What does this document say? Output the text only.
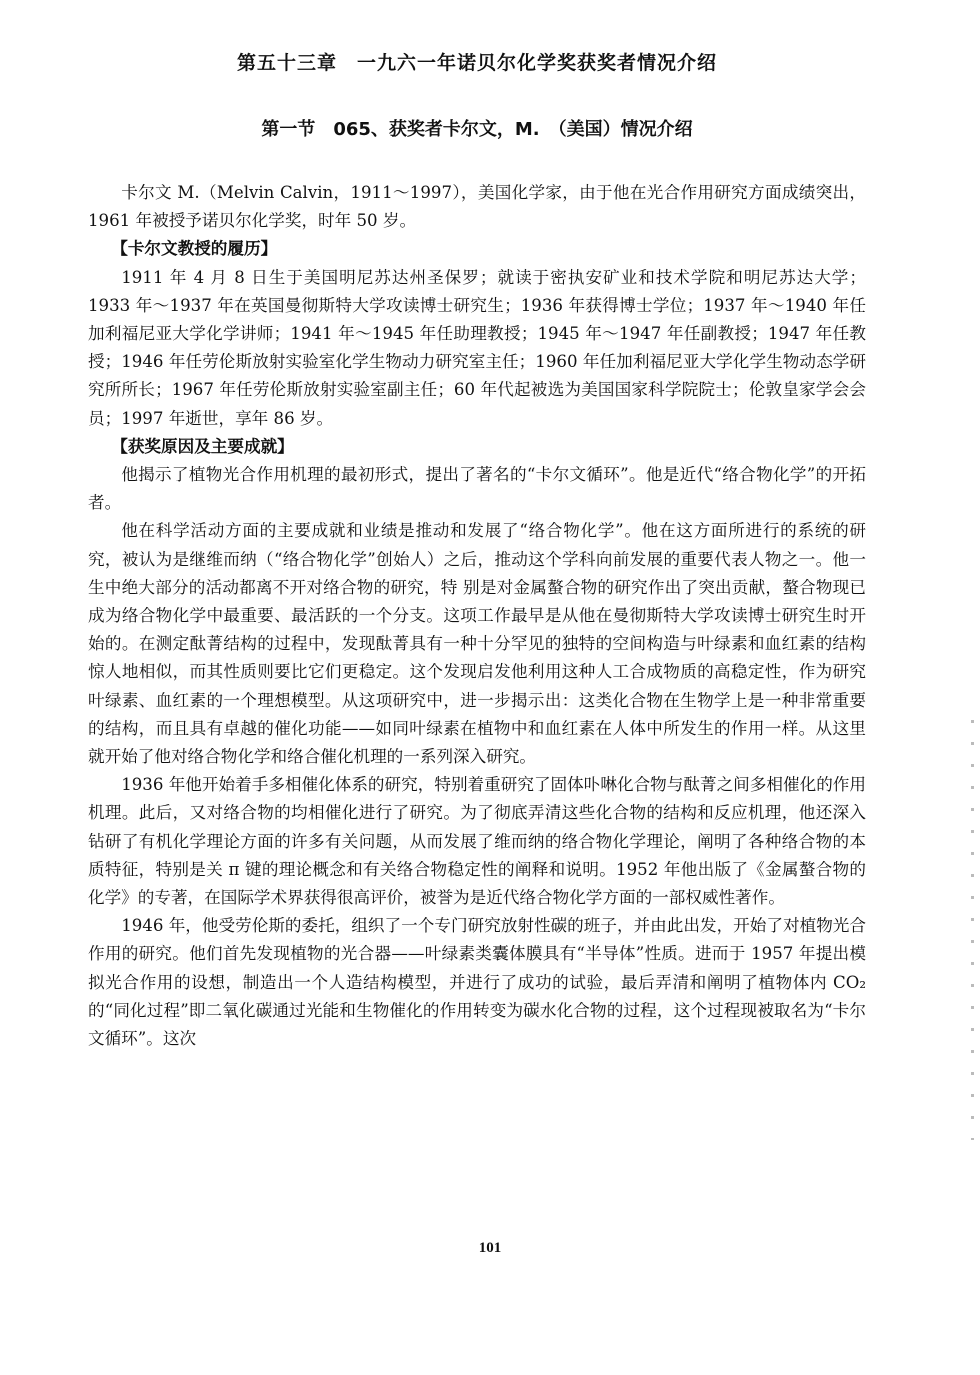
第五十三章　一九六一年诺贝尔化学奖获奖者情况介绍
第一节　065、获奖者卡尔文，M.　（美国）情况介绍

卡尔文 M.（Melvin Calvin，1911～1997），美国化学家，由于他在光合作用研究方面成绩突出，1961 年被授予诺贝尔化学奖，时年 50 岁。

【卡尔文教授的履历】

1911 年 4 月 8 日生于美国明尼苏达州圣保罗；就读于密执安矿业和技术学院和明尼苏达大学；1933 年～1937 年在英国曼彻斯特大学攻读博士研究生；1936 年获得博士学位；1937 年～1940 年任加利福尼亚大学化学讲师；1941 年～1945 年任助理教授；1945 年～1947 年任副教授；1947 年任教授；1946 年任劳伦斯放射实验室化学生物动力研究室主任；1960 年任加利福尼亚大学化学生物动态学研究所所长；1967 年任劳伦斯放射实验室副主任；60 年代起被选为美国国家科学院院士；伦敦皇家学会会员；1997 年逝世，享年 86 岁。

【获奖原因及主要成就】

他揭示了植物光合作用机理的最初形式，提出了著名的“卡尔文循环”。他是近代“络合物化学”的开拓者。

他在科学活动方面的主要成就和业绩是推动和发展了“络合物化学”。他在这方面所进行的系统的研究，被认为是继维而纳（“络合物化学”创始人）之后，推动这个学科向前发展的重要代表人物之一。他一生中绝大部分的活动都离不开对络合物的研究，特 别是对金属螯合物的研究作出了突出贡献，螯合物现已成为络合物化学中最重要、最活跃的一个分支。这项工作最早是从他在曼彻斯特大学攻读博士研究生时开始的。在测定酞菁结构的过程中，发现酞菁具有一种十分罕见的独特的空间构造与叶绿素和血红素的结构惊人地相似，而其性质则要比它们更稳定。这个发现启发他利用这种人工合成物质的高稳定性，作为研究叶绿素、血红素的一个理想模型。从这项研究中，进一步揭示出：这类化合物在生物学上是一种非常重要的结构，而且具有卓越的催化功能——如同叶绿素在植物中和血红素在人体中所发生的作用一样。从这里就开始了他对络合物化学和络合催化机理的一系列深入研究。

1936 年他开始着手多相催化体系的研究，特别着重研究了固体卟啉化合物与酞菁之间多相催化的作用机理。此后，又对络合物的均相催化进行了研究。为了彻底弄清这些化合物的结构和反应机理，他还深入钻研了有机化学理论方面的许多有关问题，从而发展了维而纳的络合物化学理论，阐明了各种络合物的本质特征，特别是关 π 键的理论概念和有关络合物稳定性的阐释和说明。1952 年他出版了《金属螯合物的化学》的专著，在国际学术界获得很高评价，被誉为是近代络合物化学方面的一部权威性著作。

1946 年，他受劳伦斯的委托，组织了一个专门研究放射性碳的班子，并由此出发，开始了对植物光合作用的研究。他们首先发现植物的光合器——叶绿素类囊体膜具有“半导体”性质。进而于 1957 年提出模拟光合作用的设想，制造出一个人造结构模型，并进行了成功的试验，最后弄清和阐明了植物体内 CO₂ 的“同化过程”即二氧化碳通过光能和生物催化的作用转变为碳水化合物的过程，这个过程现被取名为“卡尔文循环”。这次

101
